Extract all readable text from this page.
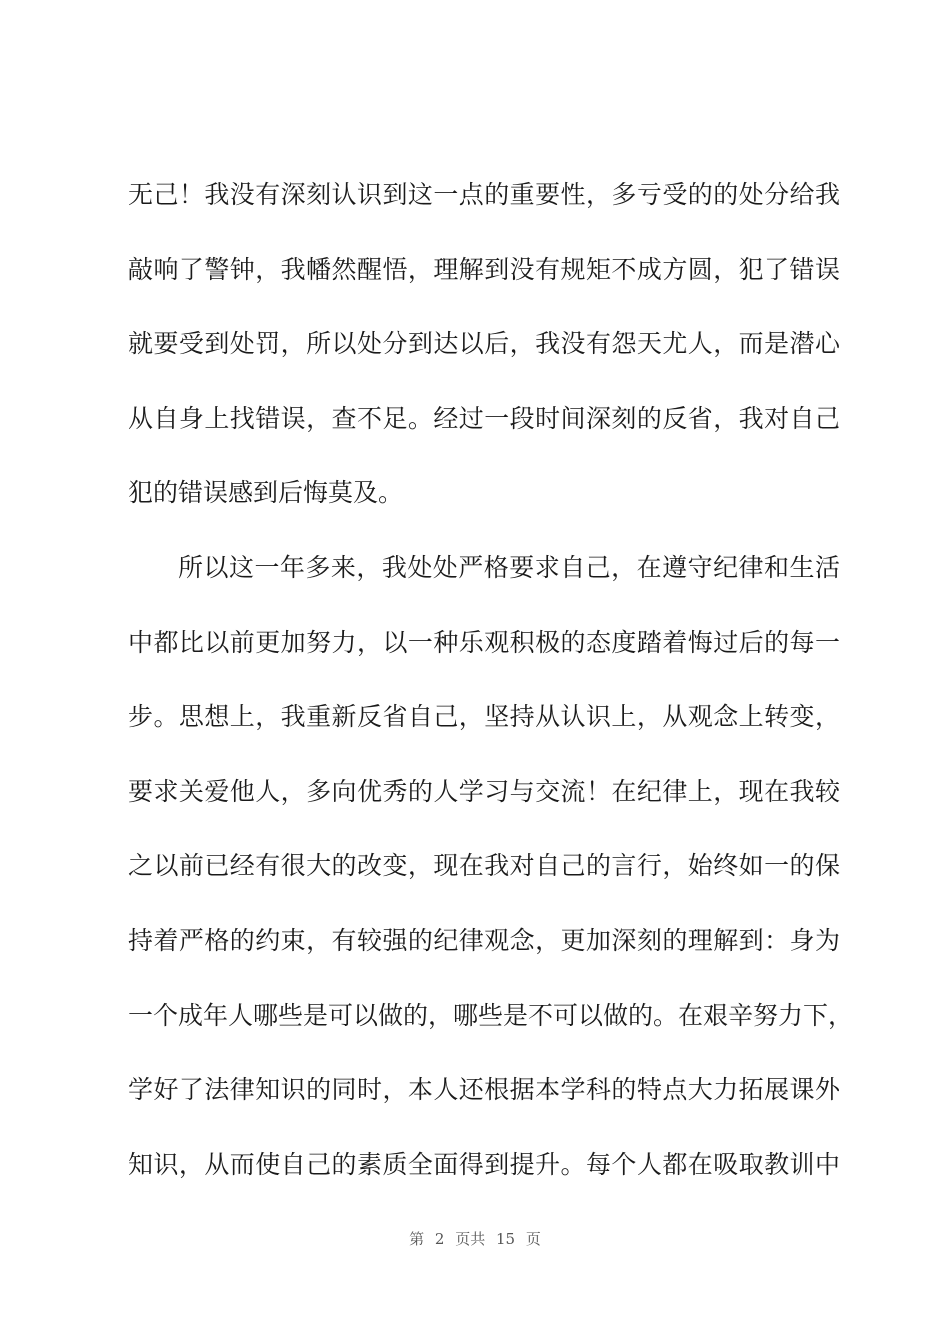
无己！我没有深刻认识到这一点的重要性，多亏受的的处分给我
敲响了警钟，我幡然醒悟，理解到没有规矩不成方圆，犯了错误
就要受到处罚，所以处分到达以后，我没有怨天尤人，而是潜心
从自身上找错误，查不足。经过一段时间深刻的反省，我对自己
犯的错误感到后悔莫及。
所以这一年多来，我处处严格要求自己，在遵守纪律和生活
中都比以前更加努力，以一种乐观积极的态度踏着悔过后的每一
步。思想上，我重新反省自己，坚持从认识上，从观念上转变，
要求关爱他人，多向优秀的人学习与交流！在纪律上，现在我较
之以前已经有很大的改变，现在我对自己的言行，始终如一的保
持着严格的约束，有较强的纪律观念，更加深刻的理解到：身为
一个成年人哪些是可以做的，哪些是不可以做的。在艰辛努力下，
学好了法律知识的同时，本人还根据本学科的特点大力拓展课外
知识，从而使自己的素质全面得到提升。每个人都在吸取教训中
第 2 页共 15 页
